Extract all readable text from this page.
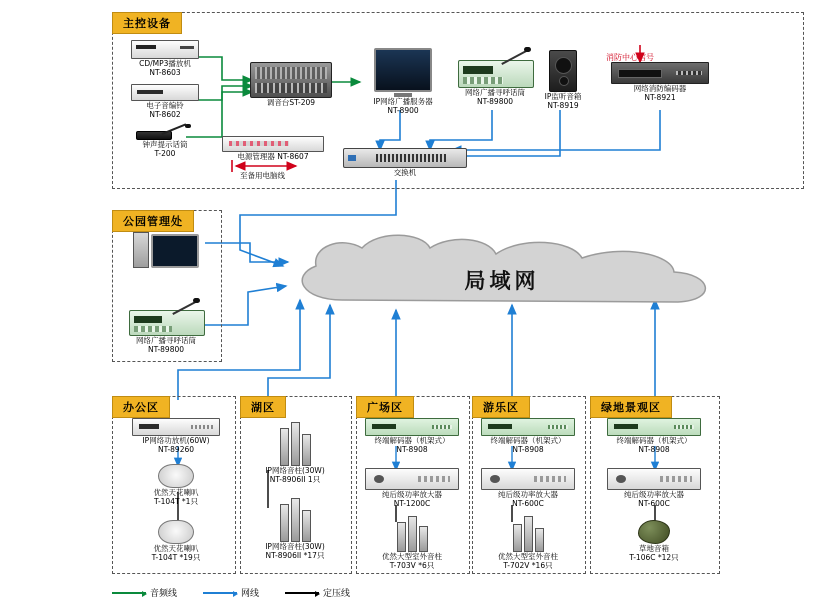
主控设备
CD/MP3播放机
NT-8603
电子音编铃
NT-8602
钟声提示话筒
T-200
调音台ST-209
电源管理器 NT-8607
至备用电脑线
IP网络广播服务器
NT-8900
网络广播寻呼话筒
NT-89800
IP监听音箱
NT-8919
网络消防编码器
NT-8921
消防中心信号
交换机
公园管理处
网络广播寻呼话筒
NT-89800
局域网
办公区
IP网络功放机(60W)
NT-89260
优然天花喇叭
T-104T *1只
优然天花喇叭
T-104T *19只
湖区
IP网络音柱(30W)
NT-8906II 1只
IP网络音柱(30W)
NT-8906II *17只
广场区
终端解码器（机架式）
NT-8908
纯后级功率放大器
NT-1200C
优然大型室外音柱
T-703V *6只
游乐区
终端解码器（机架式）
NT-8908
纯后级功率放大器
NT-600C
优然大型室外音柱
T-702V *16只
绿地景观区
终端解码器（机架式）
NT-8908
纯后级功率放大器
NT-600C
草地音箱
T-106C *12只
音频线	网线	定压线
